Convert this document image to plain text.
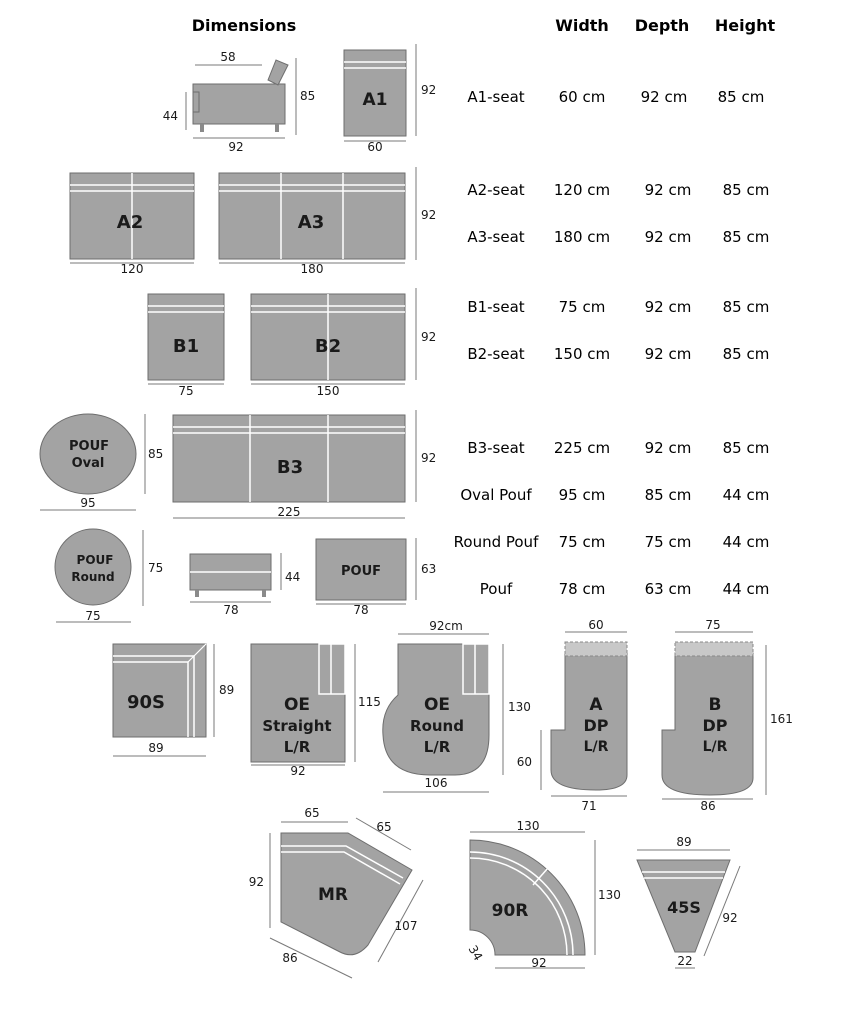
Dimensions	Width Depth Height
A1-seat 60 cm 92 cm 85 cm
A2-seat 120 cm 92 cm 85 cm
A3-seat 180 cm 92 cm 85 cm
B1-seat 75 cm	92 cm 85 cm
B2-seat 150 cm 92 cm 85 cm
B3-seat 225 cm 92 cm 85 cm
Oval Pouf 95 cm	85 cm 44 cm
Round Pouf 75 cm	75 cm 44 cm
Pouf	78 cm	63 cm 44 cm
58
85
44
92
92
60
120	180
92
75	150
92
85
95
92
225
75
75
44
78
63
78
89
89
115
92
92cm
130
106
60
60
71
75
161
86
65
65
92
107
86
130
130
92
34
89
92
22
A1
A2	A3
B1	B2
B3
POUF
Oval
POUF
Round	POUF
90S	OE
Straight
L/R
OE
Round
L/R
A
DP
L/R
B
DP
L/R
MR
90R	45S
